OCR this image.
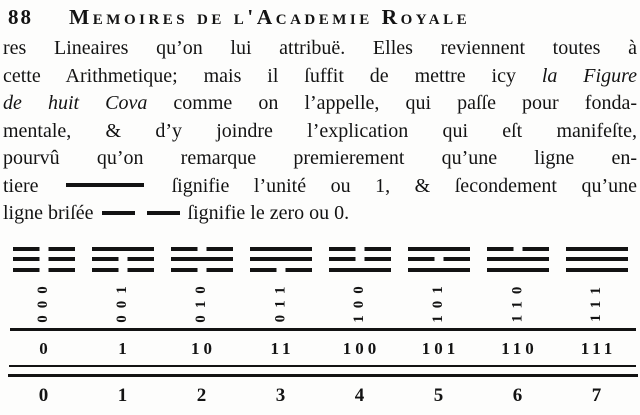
88 Memoires de l'Academie Royale
res Lineaires qu’on lui attribuë. Elles reviennent toutes à
cette Arithmetique; mais il ſuffit de mettre icy la Figure
de huit Cova comme on l’appelle, qui paſſe pour fonda-
mentale, & d’y joindre l’explication qui eſt manifeſte,
pourvû qu’on remarque premierement qu’une ligne en-
tiere	ſignifie l’unité ou 1, & ſecondement qu’une
ligne briſée	ſignifie le zero ou 0.
000	001	010	011	100	101	110	111
0	1	10	11	100	101	110	111
0	1	2	3	4	5	6	7
